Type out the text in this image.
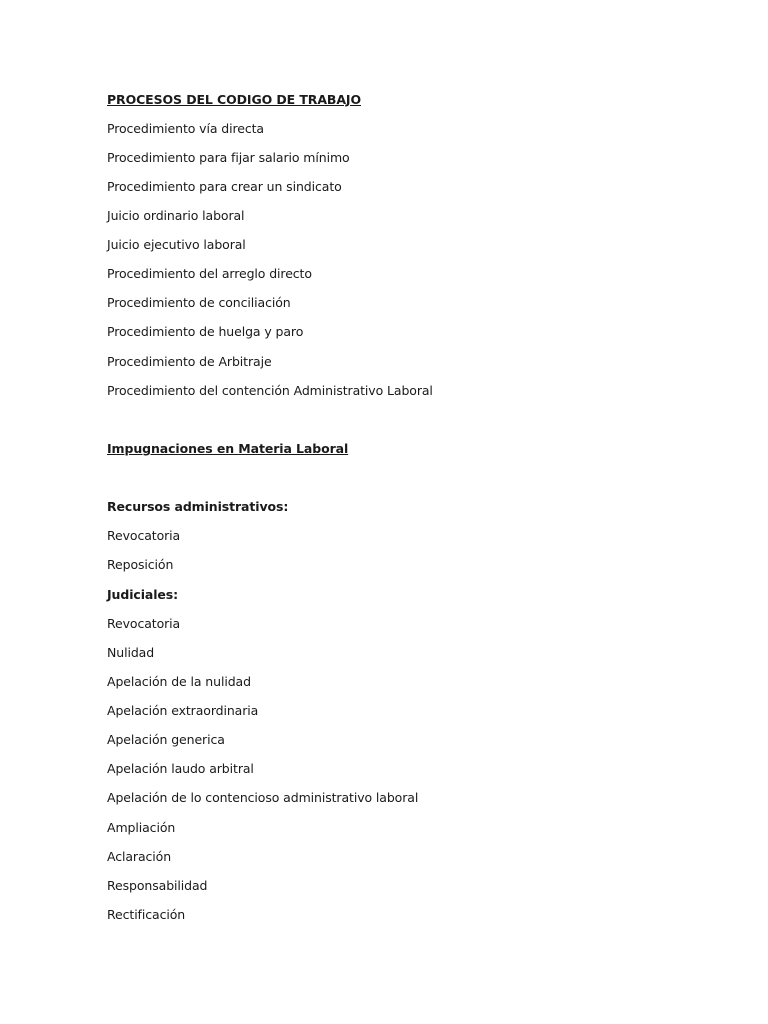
PROCESOS DEL CODIGO DE TRABAJO
Procedimiento vía directa
Procedimiento para fijar salario mínimo
Procedimiento para crear un sindicato
Juicio ordinario laboral
Juicio ejecutivo laboral
Procedimiento del arreglo directo
Procedimiento de conciliación
Procedimiento de huelga y paro
Procedimiento de Arbitraje
Procedimiento del contención Administrativo Laboral
Impugnaciones en Materia Laboral
Recursos administrativos:
Revocatoria
Reposición
Judiciales:
Revocatoria
Nulidad
Apelación de la nulidad
Apelación extraordinaria
Apelación generica
Apelación laudo arbitral
Apelación de lo contencioso administrativo laboral
Ampliación
Aclaración
Responsabilidad
Rectificación
